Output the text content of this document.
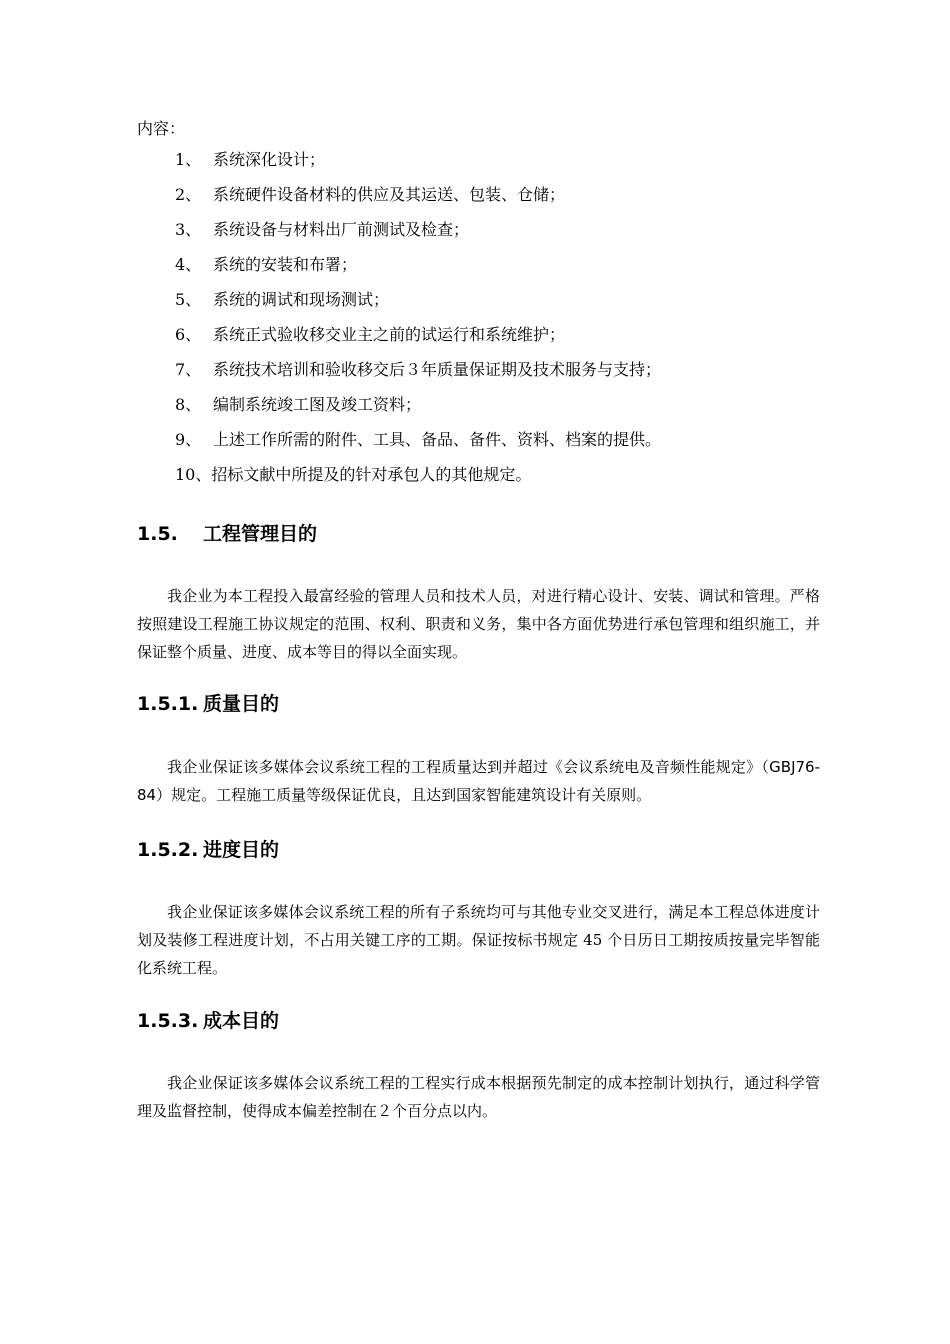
内容：
1、 系统深化设计；
2、 系统硬件设备材料的供应及其运送、包装、仓储；
3、 系统设备与材料出厂前测试及检查；
4、 系统的安装和布署；
5、 系统的调试和现场测试；
6、 系统正式验收移交业主之前的试运行和系统维护；
7、 系统技术培训和验收移交后３年质量保证期及技术服务与支持；
8、 编制系统竣工图及竣工资料；
9、 上述工作所需的附件、工具、备品、备件、资料、档案的提供。
10、招标文献中所提及的针对承包人的其他规定。
1.5. 工程管理目的

我企业为本工程投入最富经验的管理人员和技术人员，对进行精心设计、安装、调试和管理。严格按照建设工程施工协议规定的范围、权利、职责和义务，集中各方面优势进行承包管理和组织施工，并保证整个质量、进度、成本等目的得以全面实现。

1.5.1. 质量目的

我企业保证该多媒体会议系统工程的工程质量达到并超过《会议系统电及音频性能规定》（GBJ76-84）规定。工程施工质量等级保证优良，且达到国家智能建筑设计有关原则。

1.5.2. 进度目的

我企业保证该多媒体会议系统工程的所有子系统均可与其他专业交叉进行，满足本工程总体进度计划及装修工程进度计划，不占用关键工序的工期。保证按标书规定 45 个日历日工期按质按量完毕智能化系统工程。

1.5.3. 成本目的

我企业保证该多媒体会议系统工程的工程实行成本根据预先制定的成本控制计划执行，通过科学管理及监督控制，使得成本偏差控制在２个百分点以内。
